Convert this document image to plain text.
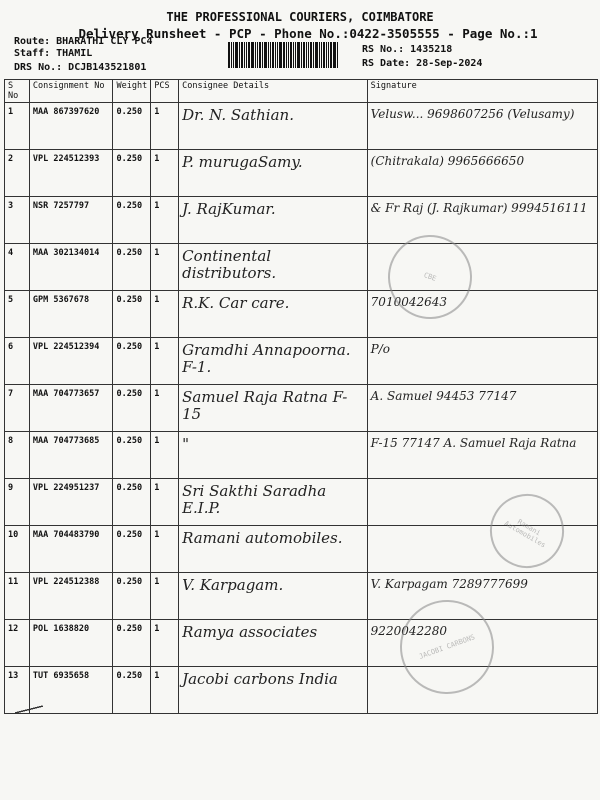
THE PROFESSIONAL COURIERS, COIMBATORE
Delivery Runsheet - PCP - Phone No.:0422-3505555 - Page No.:1
Route: BHARATHI CLY PC4
Staff: THAMIL
DRS No.: DCJB143521801
RS No.: 1435218
RS Date: 28-Sep-2024
S No	Consignment No	Weight	PCS	Consignee Details	Signature
1	MAA 867397620	0.250	1	Dr. N. Sathian.	Velusw... 9698607256 (Velusamy)

2	VPL 224512393	0.250	1	P. murugaSamy.	(Chitrakala) 9965666650

3	NSR 7257797	0.250	1	J. RajKumar.	& Fr Raj (J. Rajkumar) 9994516111

4	MAA 302134014	0.250	1	Continental distributors.	

5	GPM 5367678	0.250	1	R.K. Car care.	7010042643

6	VPL 224512394	0.250	1	Gramdhi Annapoorna. F-1.	P/o

7	MAA 704773657	0.250	1	Samuel Raja Ratna F-15	A. Samuel 94453 77147

8	MAA 704773685	0.250	1	"	F-15 77147 A. Samuel Raja Ratna

9	VPL 224951237	0.250	1	Sri Sakthi Saradha E.I.P.	

10	MAA 704483790	0.250	1	Ramani automobiles.	

11	VPL 224512388	0.250	1	V. Karpagam.	V. Karpagam 7289777699

12	POL 1638820	0.250	1	Ramya associates	9220042280

13	TUT 6935658	0.250	1	Jacobi carbons India	

CBE
Ramani Automobiles
JACOBI CARBONS
